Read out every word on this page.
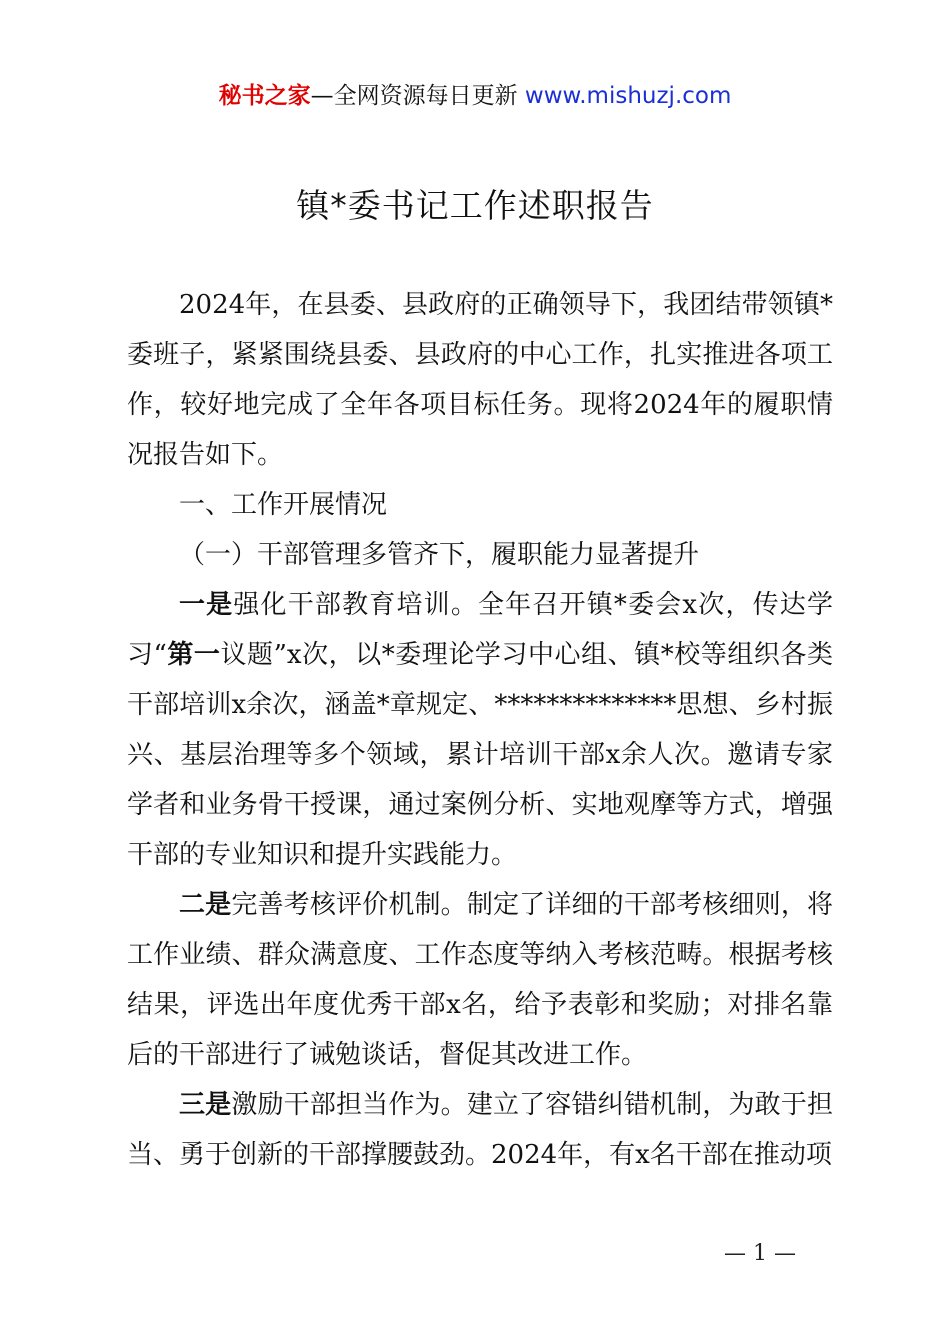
秘书之家—全网资源每日更新 www.mishuzj.com
镇*委书记工作述职报告

2024年，在县委、县政府的正确领导下，我团结带领镇*委班子，紧紧围绕县委、县政府的中心工作，扎实推进各项工作，较好地完成了全年各项目标任务。现将2024年的履职情况报告如下。

一、工作开展情况

（一）干部管理多管齐下，履职能力显著提升

一是强化干部教育培训。全年召开镇*委会x次，传达学习“第一议题”x次，以*委理论学习中心组、镇*校等组织各类干部培训x余次，涵盖*章规定、**************思想、乡村振兴、基层治理等多个领域，累计培训干部x余人次。邀请专家学者和业务骨干授课，通过案例分析、实地观摩等方式，增强干部的专业知识和提升实践能力。

二是完善考核评价机制。制定了详细的干部考核细则，将工作业绩、群众满意度、工作态度等纳入考核范畴。根据考核结果，评选出年度优秀干部x名，给予表彰和奖励；对排名靠后的干部进行了诫勉谈话，督促其改进工作。

三是激励干部担当作为。建立了容错纠错机制，为敢于担当、勇于创新的干部撑腰鼓劲。2024年，有x名干部在推动项

— 1 —
